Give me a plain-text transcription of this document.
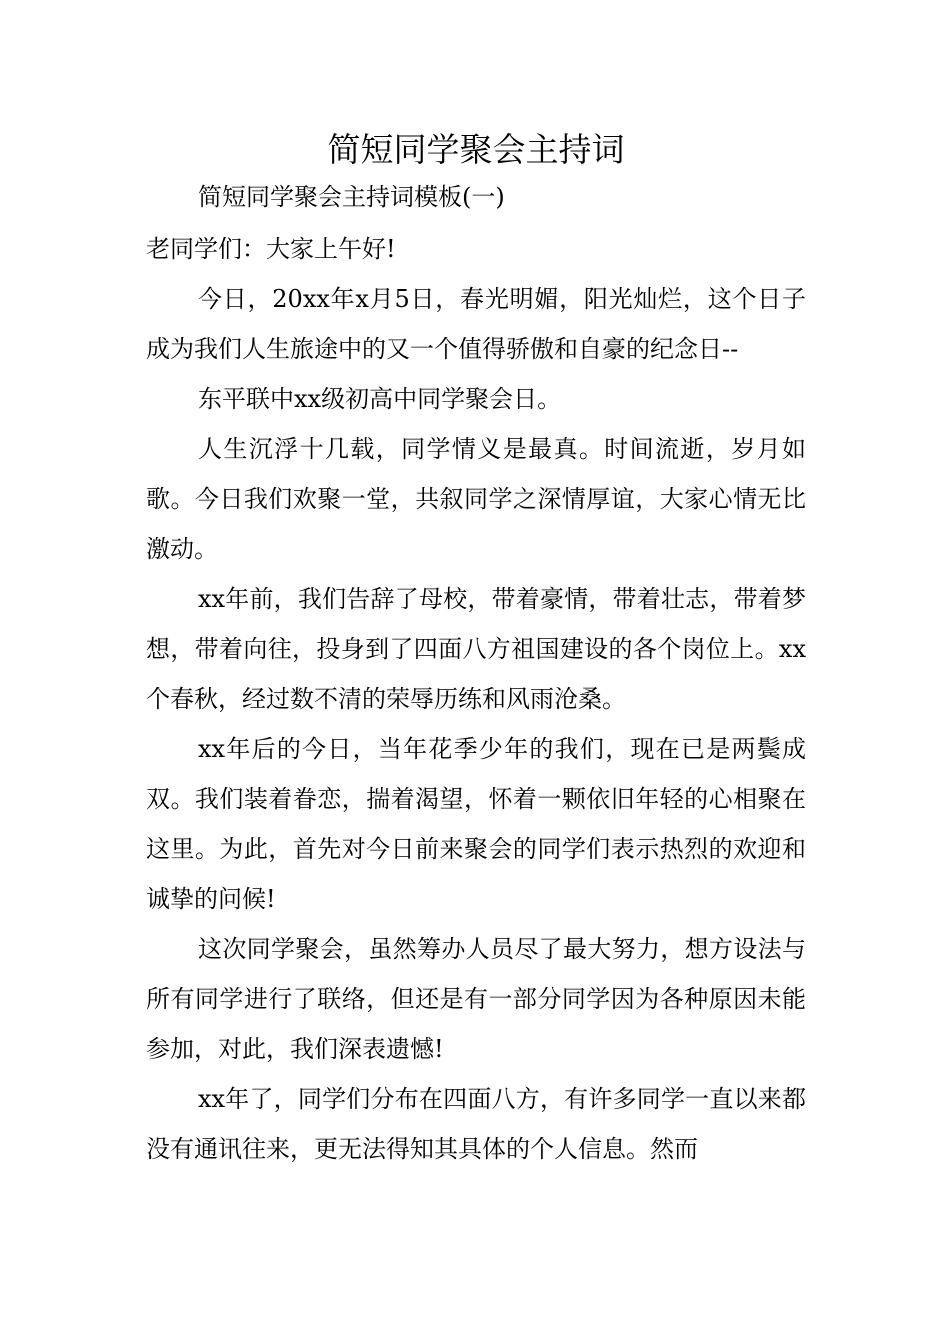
简短同学聚会主持词
简短同学聚会主持词模板(一)

老同学们：大家上午好!

今日，20xx年x月5日，春光明媚，阳光灿烂，这个日子成为我们人生旅途中的又一个值得骄傲和自豪的纪念日--

东平联中xx级初高中同学聚会日。

人生沉浮十几载，同学情义是最真。时间流逝，岁月如歌。今日我们欢聚一堂，共叙同学之深情厚谊，大家心情无比激动。

xx年前，我们告辞了母校，带着豪情，带着壮志，带着梦想，带着向往，投身到了四面八方祖国建设的各个岗位上。xx个春秋，经过数不清的荣辱历练和风雨沧桑。

xx年后的今日，当年花季少年的我们，现在已是两鬓成双。我们装着眷恋，揣着渴望，怀着一颗依旧年轻的心相聚在这里。为此，首先对今日前来聚会的同学们表示热烈的欢迎和诚挚的问候!

这次同学聚会，虽然筹办人员尽了最大努力，想方设法与所有同学进行了联络，但还是有一部分同学因为各种原因未能参加，对此，我们深表遗憾!

xx年了，同学们分布在四面八方，有许多同学一直以来都没有通讯往来，更无法得知其具体的个人信息。然而
